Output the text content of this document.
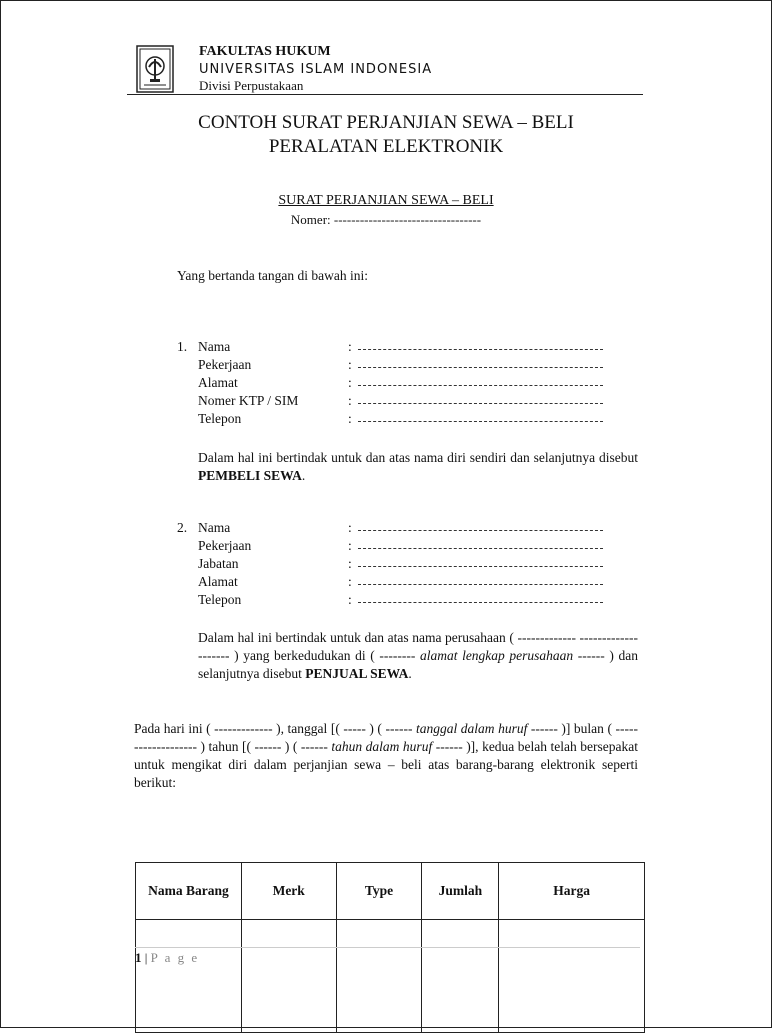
FAKULTAS HUKUM
UNIVERSITAS ISLAM INDONESIA
Divisi Perpustakaan
CONTOH SURAT PERJANJIAN SEWA – BELI
PERALATAN ELEKTRONIK
SURAT PERJANJIAN SEWA – BELI
Nomer: ----------------------------------
Yang bertanda tangan di bawah ini:
1. Nama	:
Pekerjaan	:
Alamat	:
Nomer KTP / SIM	:
Telepon	:
Dalam hal ini bertindak untuk dan atas nama diri sendiri dan selanjutnya disebut PEMBELI SEWA.
2. Nama	:
Pekerjaan	:
Jabatan	:
Alamat	:
Telepon	:
Dalam hal ini bertindak untuk dan atas nama perusahaan ( ------------- -------------------- ) yang berkedudukan di ( -------- alamat lengkap perusahaan ------ ) dan selanjutnya disebut PENJUAL SEWA.
Pada hari ini ( ------------- ), tanggal [( ----- ) ( ------ tanggal dalam huruf ------ )] bulan ( ------------------- ) tahun [( ------ ) ( ------ tahun dalam huruf ------ )], kedua belah telah bersepakat untuk mengikat diri dalam perjanjian sewa – beli atas barang-barang elektronik seperti berikut:
Nama Barang	Merk	Type	Jumlah	Harga

1 | P a g e
